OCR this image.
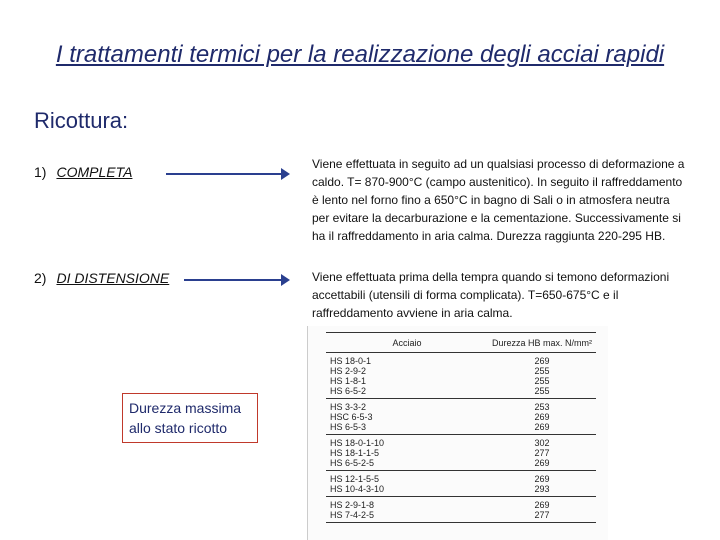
I trattamenti termici per la realizzazione degli acciai rapidi
Ricottura:
1) COMPLETA	Viene effettuata in seguito ad un qualsiasi processo di deformazione a caldo. T= 870-900°C (campo austenitico). In seguito il raffreddamento è lento nel forno fino a 650°C in bagno di Sali o in atmosfera neutra per evitare la decarburazione e la cementazione. Successivamente si ha il raffreddamento in aria calma. Durezza raggiunta 220-295 HB.
2) DI DISTENSIONE	Viene effettuata prima della tempra quando si temono deformazioni accettabili (utensili di forma complicata). T=650-675°C e il raffreddamento avviene in aria calma.
Durezza massima allo stato ricotto
Acciaio	Durezza HB max. N/mm²
HS 18-0-1	269
HS 2-9-2	255
HS 1-8-1	255
HS 6-5-2	255
HS 3-3-2	253
HSC 6-5-3	269
HS 6-5-3	269
HS 18-0-1-10	302
HS 18-1-1-5	277
HS 6-5-2-5	269
HS 12-1-5-5	269
HS 10-4-3-10	293
HS 2-9-1-8	269
HS 7-4-2-5	277
